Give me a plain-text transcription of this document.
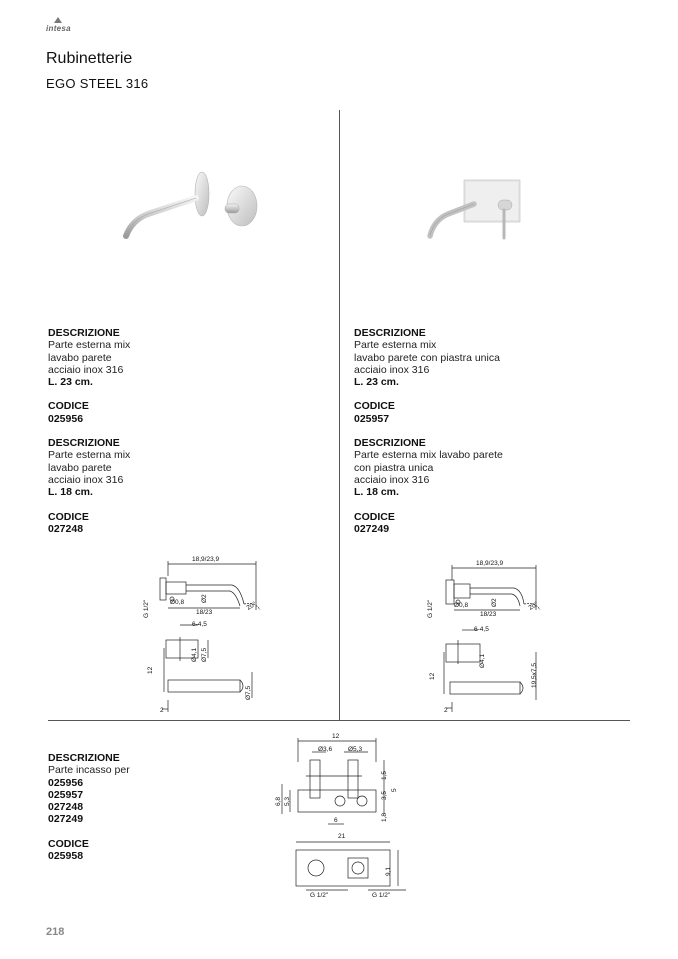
intesa
Rubinetterie
EGO STEEL 316
DESCRIZIONE
Parte esterna mix
lavabo parete
acciaio inox 316
L. 23 cm.
CODICE
025956
DESCRIZIONE
Parte esterna mix
lavabo parete
acciaio inox 316
L. 18 cm.
CODICE
027248
DESCRIZIONE
Parte esterna mix
lavabo parete con piastra unica
acciaio inox 316
L. 23 cm.
CODICE
025957
DESCRIZIONE
Parte esterna mix lavabo parete
con piastra unica
acciaio inox 316
L. 18 cm.
CODICE
027249
18,9/23,9
Ø0,8	Ø2
18/23
20°
G 1/2"
6-4,5
Ø7,5
Ø4,1
12
Ø7,5
2
18,9/23,9
Ø0,8	Ø2
18/23
20°
G 1/2"
6-4,5
Ø4,1
12	19,5x7,5
2
DESCRIZIONE
Parte incasso per
025956
025957
027248
027249
CODICE
025958
12
Ø3,6 Ø5,3
6,8 5,3
1,5
3,5
5
1,8
6
21
9,1
G 1/2"	G 1/2"
218
